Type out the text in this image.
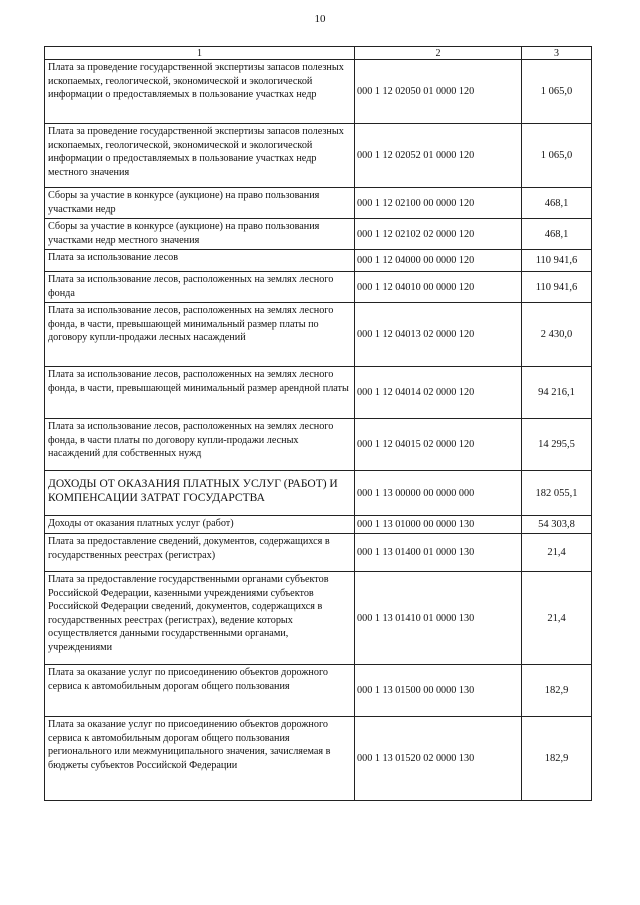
10
1	2	3
Плата за проведение государственной экспертизы запасов полезных ископаемых, геологической, экономической и экологической информации о предоставляемых в пользование участках недр	000 1 12 02050 01 0000 120	1 065,0
Плата за проведение государственной экспертизы запасов полезных ископаемых, геологической, экономической и экологической информации о предоставляемых в пользование участках недр местного значения	000 1 12 02052 01 0000 120	1 065,0
Сборы за участие в конкурсе (аукционе) на право пользования участками недр	000 1 12 02100 00 0000 120	468,1
Сборы за участие в конкурсе (аукционе) на право пользования участками недр местного значения	000 1 12 02102 02 0000 120	468,1
Плата за использование лесов	000 1 12 04000 00 0000 120	110 941,6
Плата за использование лесов, расположенных на землях лесного фонда	000 1 12 04010 00 0000 120	110 941,6
Плата за использование лесов, расположенных на землях лесного фонда, в части, превышающей минимальный размер платы по договору купли-продажи лесных насаждений	000 1 12 04013 02 0000 120	2 430,0
Плата за использование лесов, расположенных на землях лесного фонда, в части, превышающей минимальный размер арендной платы	000 1 12 04014 02 0000 120	94 216,1
Плата за использование лесов, расположенных на землях лесного фонда, в части платы по договору купли-продажи лесных насаждений для собственных нужд	000 1 12 04015 02 0000 120	14 295,5
ДОХОДЫ ОТ ОКАЗАНИЯ ПЛАТНЫХ УСЛУГ (РАБОТ) И КОМПЕНСАЦИИ ЗАТРАТ ГОСУДАРСТВА	000 1 13 00000 00 0000 000	182 055,1
Доходы от оказания платных услуг (работ)	000 1 13 01000 00 0000 130	54 303,8
Плата за предоставление сведений, документов, содержащихся в государственных реестрах (регистрах)	000 1 13 01400 01 0000 130	21,4
Плата за предоставление государственными органами субъектов Российской Федерации, казенными учреждениями субъектов Российской Федерации сведений, документов, содержащихся в государственных реестрах (регистрах), ведение которых осуществляется данными государственными органами, учреждениями	000 1 13 01410 01 0000 130	21,4
Плата за оказание услуг по присоединению объектов дорожного сервиса к автомобильным дорогам общего пользования	000 1 13 01500 00 0000 130	182,9
Плата за оказание услуг по присоединению объектов дорожного сервиса к автомобильным дорогам общего пользования регионального или межмуниципального значения, зачисляемая в бюджеты субъектов Российской Федерации	000 1 13 01520 02 0000 130	182,9
